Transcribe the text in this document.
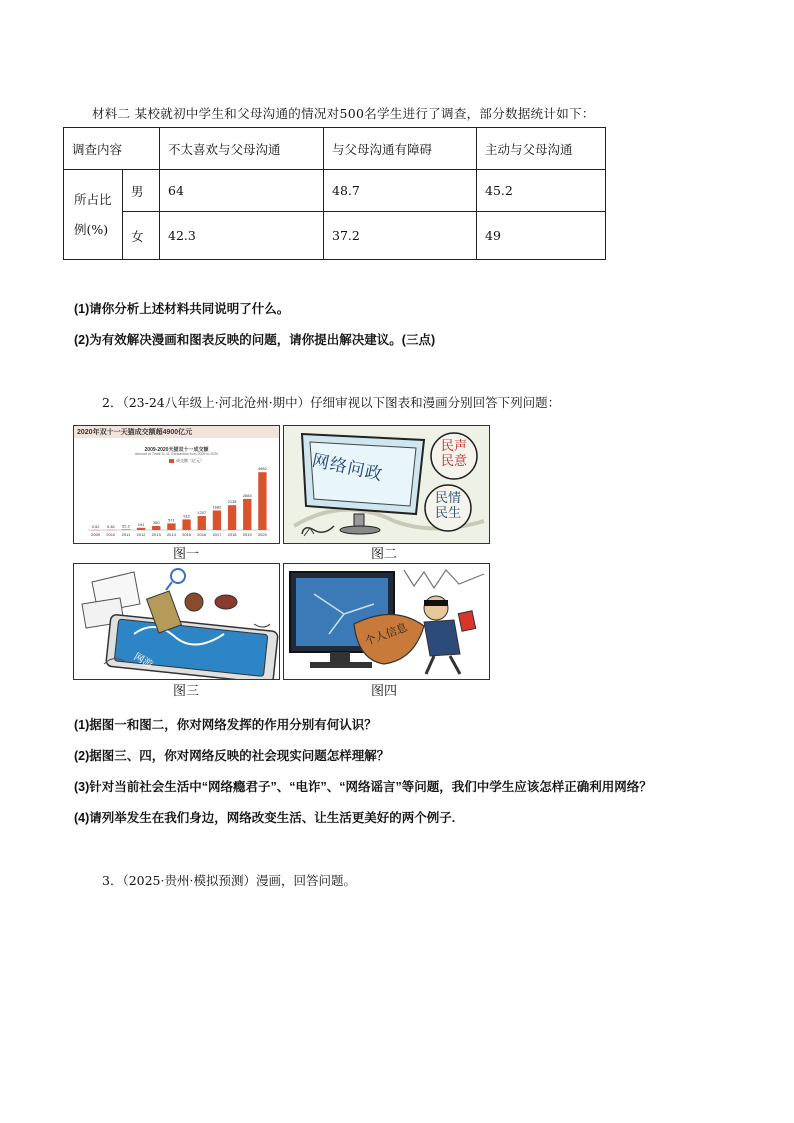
材料二 某校就初中学生和父母沟通的情况对500名学生进行了调查，部分数据统计如下：
调查内容		不太喜欢与父母沟通	与父母沟通有障碍	主动与父母沟通
所占比例(%)	男	64	48.7	45.2
	女	42.3	37.2	49
(1)请你分析上述材料共同说明了什么。
(2)为有效解决漫画和图表反映的问题，请你提出解决建议。(三点)
2．（23-24八年级上·河北沧州·期中）仔细审视以下图表和漫画分别回答下列问题：
2020年双十一天猫成交额超4900亿元
2009-2020天猫双十一成交额
Amount of Tmall 11.11 Transaction from 2009 to 2020
成交额（亿元）
0.52
2009
9.36
2010
52.2
2011
191
2012
350
2013
571
2014
912
2015
1207
2016
1682
2017
2135
2018
2684
2019
4982
2020
图一
网络问政
民声民意
民情民生
图二
网游
图三
个人信息
图四
(1)据图一和图二，你对网络发挥的作用分别有何认识？
(2)据图三、四，你对网络反映的社会现实问题怎样理解？
(3)针对当前社会生活中“网络瘾君子”、“电诈”、“网络谣言”等问题，我们中学生应该怎样正确利用网络？
(4)请列举发生在我们身边，网络改变生活、让生活更美好的两个例子.
3．（2025·贵州·模拟预测）漫画，回答问题。
